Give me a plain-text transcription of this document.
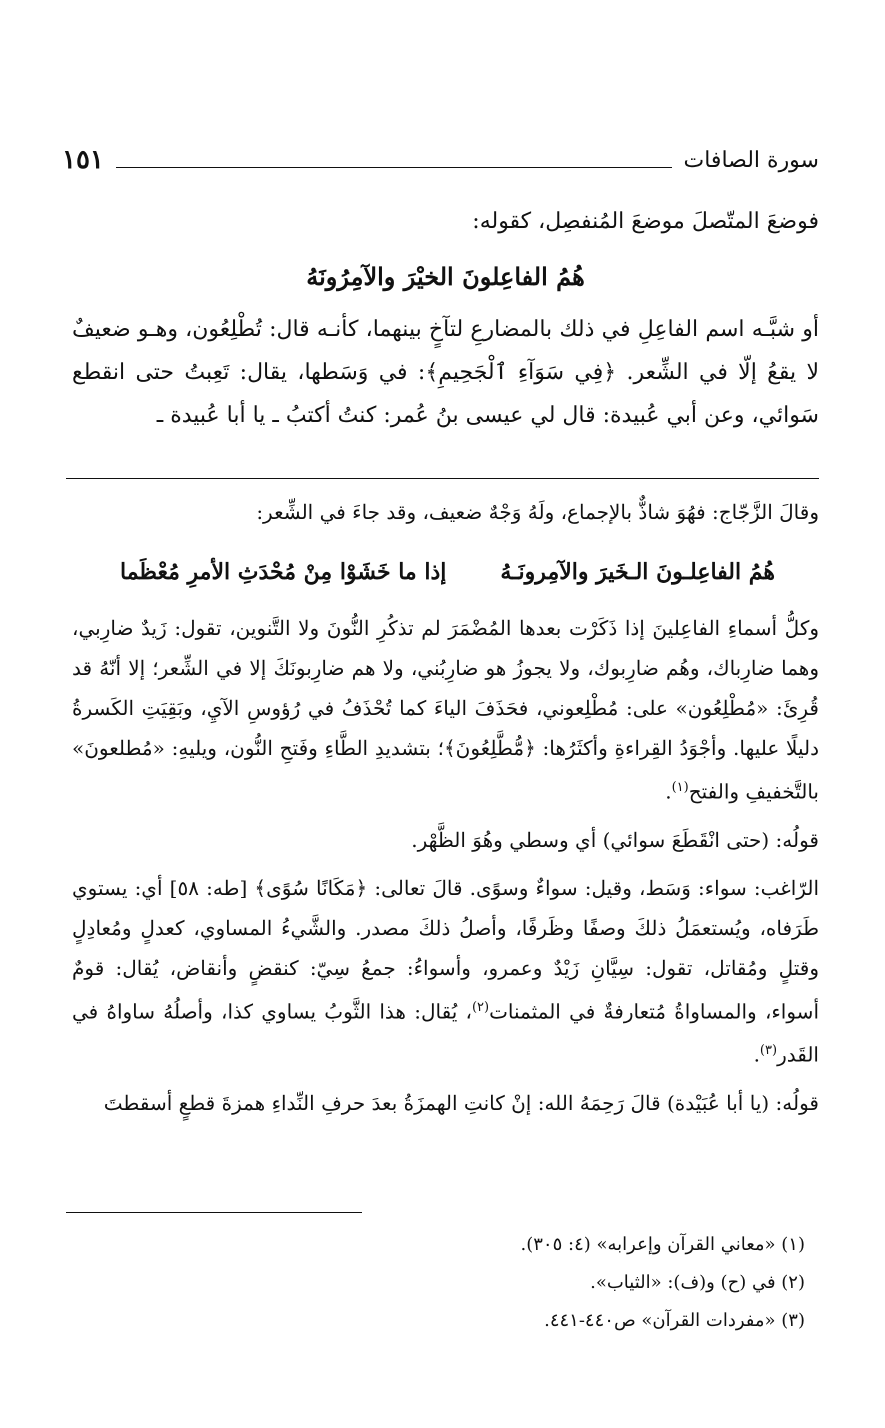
سورة الصافات
١٥١

فوضعَ المتّصلَ موضعَ المُنفصِل، كقوله:

هُمُ الفاعِلونَ الخيْرَ والآمِرُونَهُ

أو شبَّـه اسم الفاعِلِ في ذلك بالمضارعِ لتآخٍ بينهما، كأنـه قال: تُطْلِعُون، وهـو ضعيفٌ لا يقعُ إلّا في الشِّعر. ﴿فِي سَوَآءِ ٱلْجَحِيمِ﴾: في وَسَطها، يقال: تَعِبتُ حتى انقطع سَوائي، وعن أبي عُبيدة: قال لي عيسى بنُ عُمر: كنتُ أكتبُ ـ يا أبا عُبيدة ـ

وقالَ الزَّجّاج: فهُوَ شاذٌّ بالإجماع، ولَهُ وَجْهٌ ضعيف، وقد جاءَ في الشِّعر:

هُمُ الفاعِلـونَ الـخَيرَ والآمِرونَـهُ
إذا ما خَشَوْا مِنْ مُحْدَثِ الأمرِ مُعْظَما

وكلُّ أسماءِ الفاعِلينَ إذا ذَكَرْت بعدها المُضْمَرَ لم تذكُرِ النُّونَ ولا التَّنوين، تقول: زَيدٌ ضارِبي، وهما ضارِباك، وهُم ضارِبوك، ولا يجوزُ هو ضارِبُني، ولا هم ضارِبونَكَ إلا في الشِّعر؛ إلا أنّهُ قد قُرِئَ: «مُطْلِعُون» على: مُطْلِعوني، فحَذَفَ الياءَ كما تُحْذَفُ في رُؤوسِ الآيِ، وبَقِيَتِ الكَسرةُ دليلًا عليها. وأجْوَدُ القِراءةِ وأكثَرُها: ﴿مُّطَّلِعُونَ﴾؛ بتشديدِ الطَّاءِ وفَتحِ النُّون، ويليهِ: «مُطلعونَ» بالتَّخفيفِ والفتح$^{(١)}$.

قولُه: (حتى انْقَطَعَ سوائي) أي وسطي وهُوَ الظَّهْر.

الرّاغب: سواء: وَسَط، وقيل: سواءٌ وسوًى. قالَ تعالى: ﴿مَكَانًا سُوًى﴾ [طه: ٥٨] أي: يستوي طَرَفاه، ويُستعمَلُ ذلكَ وصفًا وظَرفًا، وأصلُ ذلكَ مصدر. والشَّيءُ المساوي، كعدلٍ ومُعادِلٍ وقتلٍ ومُقاتل، تقول: سِيَّانِ زَيْدٌ وعمرو، وأسواءُ: جمعُ سِيّ: كنقضٍ وأنقاض، يُقال: قومٌ أسواء، والمساواةُ مُتعارفةٌ في المثمنات$^{(٢)}$، يُقال: هذا الثَّوبُ يساوي كذا، وأصلُهُ ساواهُ في القَدر$^{(٣)}$.

قولُه: (يا أبا عُبَيْدة) قالَ رَحِمَهُ الله: إنْ كانتِ الهمزَةُ بعدَ حرفِ النِّداءِ همزةَ قطعٍ أسقطتَ

(١) «معاني القرآن وإعرابه» (٤: ٣٠٥).

(٢) في (ح) و(ف): «الثياب».

(٣) «مفردات القرآن» ص٤٤٠-٤٤١.
